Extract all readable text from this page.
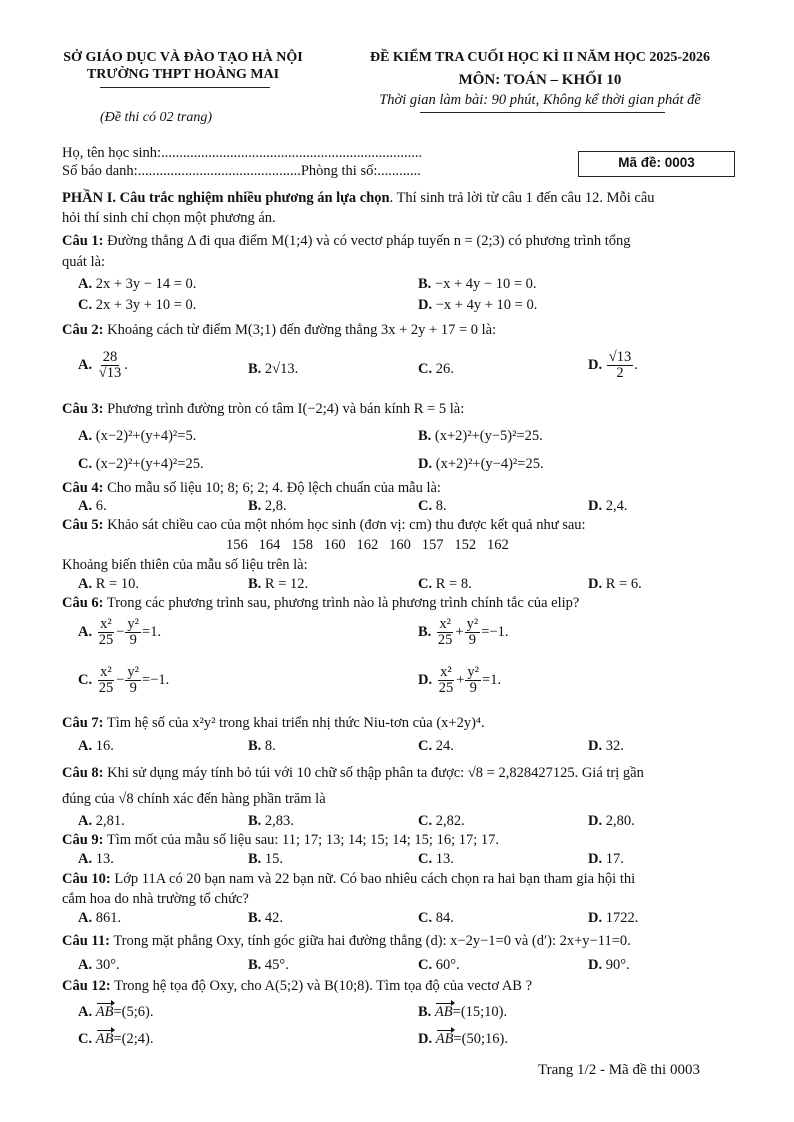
SỞ GIÁO DỤC VÀ ĐÀO TẠO HÀ NỘI
TRƯỜNG THPT HOÀNG MAI
(Đề thi có 02 trang)
ĐỀ KIỂM TRA CUỐI HỌC KÌ II NĂM HỌC 2025-2026
MÔN: TOÁN – KHỐI 10
Thời gian làm bài: 90 phút, Không kể thời gian phát đề
Họ, tên học sinh:........................................................................
Số báo danh:.............................................Phòng thi số:............
Mã đề: 0003
PHẦN I. Câu trắc nghiệm nhiều phương án lựa chọn. Thí sinh trả lời từ câu 1 đến câu 12. Mỗi câu
hỏi thí sinh chỉ chọn một phương án.
Câu 1: Đường thẳng Δ đi qua điểm M(1;4) và có vectơ pháp tuyến n = (2;3) có phương trình tổng
quát là:
A. 2x + 3y − 14 = 0.	B. −x + 4y − 10 = 0.
C. 2x + 3y + 10 = 0.	D. −x + 4y + 10 = 0.
Câu 2: Khoảng cách từ điểm M(3;1) đến đường thẳng 3x + 2y + 17 = 0 là:
A. $\frac{28}{√13}$ .	B. 2√13.	C. 26.	D. $\frac{√13}{2}$ .
Câu 3: Phương trình đường tròn có tâm I(−2;4) và bán kính R = 5 là:
A. (x−2)²+(y+4)²=5.	B. (x+2)²+(y−5)²=25.
C. (x−2)²+(y+4)²=25.	D. (x+2)²+(y−4)²=25.
Câu 4: Cho mẫu số liệu 10; 8; 6; 2; 4. Độ lệch chuẩn của mẫu là:
A. 6.	B. 2,8.	C. 8.	D. 2,4.
Câu 5: Khảo sát chiều cao của một nhóm học sinh (đơn vị: cm) thu được kết quả như sau:
156   164   158   160   162   160   157   152   162
Khoảng biến thiên của mẫu số liệu trên là:
A. R = 10.	B. R = 12.	C. R = 8.	D. R = 6.
Câu 6: Trong các phương trình sau, phương trình nào là phương trình chính tắc của elip?
A. $\frac{\text{x²}}{25} - \frac{\text{y²}}{9} =1$.	B. $\frac{\text{x²}}{25} + \frac{\text{y²}}{9} =-1$.
C. $\frac{\text{x²}}{25} - \frac{\text{y²}}{9} =-1$.	D. $\frac{\text{x²}}{25} + \frac{\text{y²}}{9} =1$.
Câu 7: Tìm hệ số của x²y² trong khai triển nhị thức Niu-tơn của (x+2y)⁴.
A. 16.	B. 8.	C. 24.	D. 32.
Câu 8: Khi sử dụng máy tính bỏ túi với 10 chữ số thập phân ta được: √8 = 2,828427125. Giá trị gần
đúng của √8 chính xác đến hàng phần trăm là
A. 2,81.	B. 2,83.	C. 2,82.	D. 2,80.
Câu 9: Tìm mốt của mẫu số liệu sau: 11; 17; 13; 14; 15; 14; 15; 16; 17; 17.
A. 13.	B. 15.	C. 13.	D. 17.
Câu 10: Lớp 11A có 20 bạn nam và 22 bạn nữ. Có bao nhiêu cách chọn ra hai bạn tham gia hội thi
cắm hoa do nhà trường tổ chức?
A. 861.	B. 42.	C. 84.	D. 1722.
Câu 11: Trong mặt phẳng Oxy, tính góc giữa hai đường thẳng (d): x−2y−1=0 và (d′): 2x+y−11=0.
A. 30°.	B. 45°.	C. 60°.	D. 90°.
Câu 12: Trong hệ tọa độ Oxy, cho A(5;2) và B(10;8). Tìm tọa độ của vectơ AB ?
A. AB=(5;6).	B. AB=(15;10).
C. AB=(2;4).	D. AB=(50;16).
Trang 1/2 - Mã đề thi 0003
